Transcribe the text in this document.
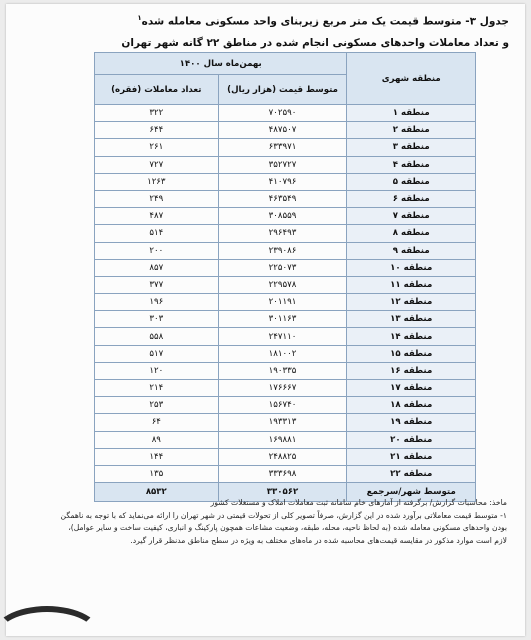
جدول ۳- متوسط قیمت یک متر مربع زیربنای واحد مسکونی معامله شده$^۱$
و تعداد معاملات واحدهای مسکونی انجام شده در مناطق ۲۲ گانه شهر تهران
بهمن‌ماه سال ۱۴۰۰		منطقه شهری
تعداد معاملات (فقره)	متوسط قیمت (هزار ریال)	
۳۲۲	۷۰۲۵۹۰	منطقه ۱
۶۴۴	۴۸۷۵۰۷	منطقه ۲
۲۶۱	۶۳۳۹۷۱	منطقه ۳
۷۲۷	۳۵۲۷۲۷	منطقه ۴
۱۲۶۳	۴۱۰۷۹۶	منطقه ۵
۲۴۹	۴۶۳۵۴۹	منطقه ۶
۴۸۷	۳۰۸۵۵۹	منطقه ۷
۵۱۴	۲۹۶۴۹۳	منطقه ۸
۲۰۰	۲۳۹۰۸۶	منطقه ۹
۸۵۷	۲۲۵۰۷۳	منطقه ۱۰
۳۷۷	۲۲۹۵۷۸	منطقه ۱۱
۱۹۶	۲۰۱۱۹۱	منطقه ۱۲
۳۰۳	۳۰۱۱۶۳	منطقه ۱۳
۵۵۸	۲۴۷۱۱۰	منطقه ۱۴
۵۱۷	۱۸۱۰۰۲	منطقه ۱۵
۱۲۰	۱۹۰۳۳۵	منطقه ۱۶
۲۱۴	۱۷۶۶۶۷	منطقه ۱۷
۲۵۳	۱۵۶۷۴۰	منطقه ۱۸
۶۴	۱۹۳۳۱۳	منطقه ۱۹
۸۹	۱۶۹۸۸۱	منطقه ۲۰
۱۴۴	۲۴۸۸۲۵	منطقه ۲۱
۱۳۵	۳۳۳۶۹۸	منطقه ۲۲
۸۵۳۲	۳۳۰۵۶۲	متوسط شهر/سرجمع

ماخذ: محاسبات گزارش/ برگرفته از آمارهای خام سامانه ثبت معاملات املاک و مستغلات کشور

۱- متوسط قیمت معاملاتی برآورد شده در این گزارش، صرفاً تصویر کلی از تحولات قیمتی در شهر تهران را ارائه می‌نماید که با توجه به ناهمگن

بودن واحدهای مسکونی معامله شده (به لحاظ ناحیه، محله، طبقه، وضعیت مشاعات همچون پارکینگ و انباری، کیفیت ساخت و سایر عوامل)،

لازم است موارد مذکور در مقایسه قیمت‌های محاسبه شده در ماه‌های مختلف به ویژه در سطح مناطق مدنظر قرار گیرد.
